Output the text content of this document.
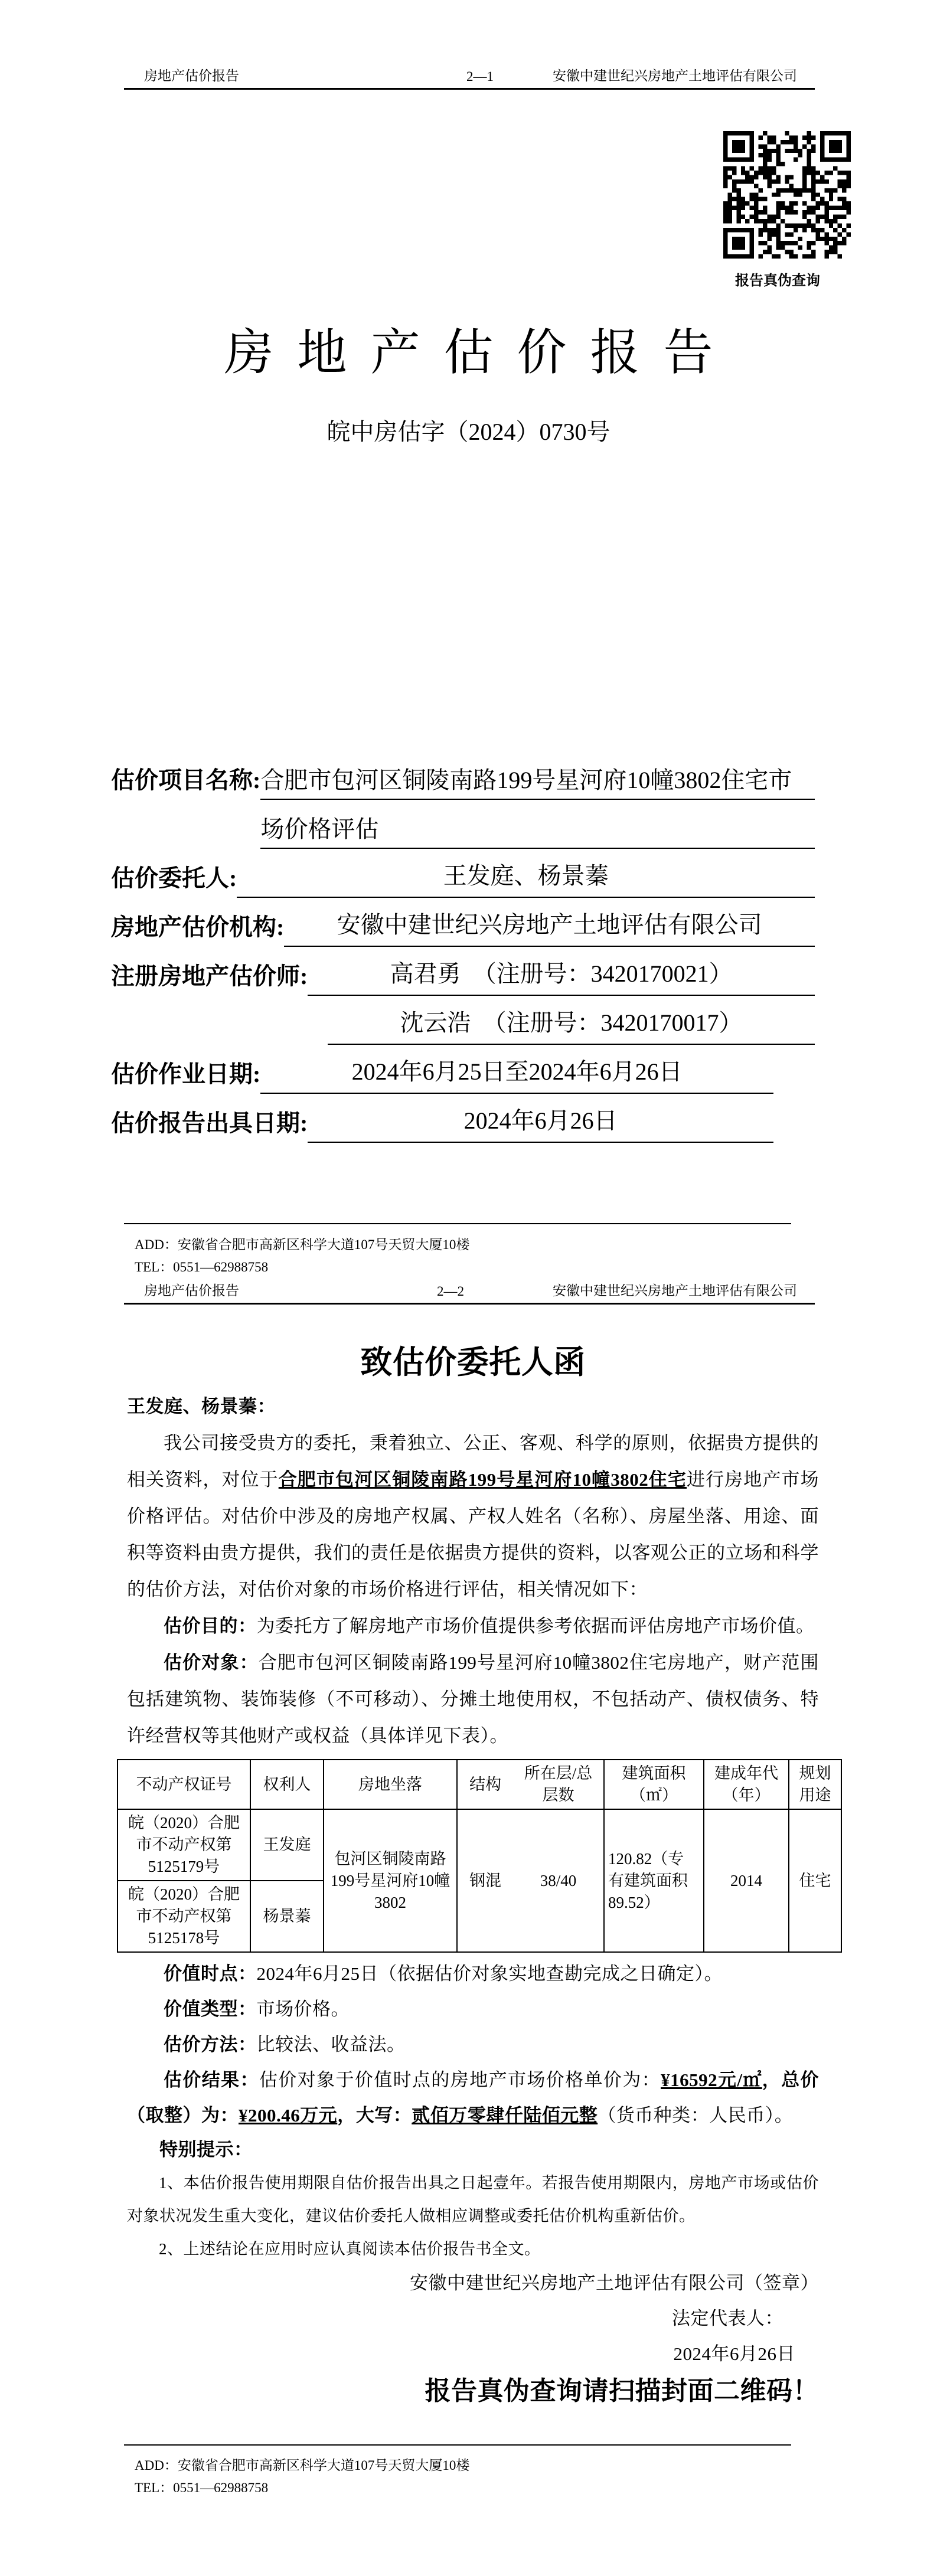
房地产估价报告	2—1	安徽中建世纪兴房地产土地评估有限公司
报告真伪查询
房地产估价报告
皖中房估字（2024）0730号
估价项目名称: 合肥市包河区铜陵南路199号星河府10幢3802住宅市场价格评估
估价委托人:	王发庭、杨景蓁
房地产估价机构:	安徽中建世纪兴房地产土地评估有限公司
注册房地产估价师:	高君勇　（注册号：3420170021）
沈云浩　（注册号：3420170017）
估价作业日期:	2024年6月25日至2024年6月26日
估价报告出具日期:	2024年6月26日
ADD：安徽省合肥市高新区科学大道107号天贸大厦10楼
TEL：0551—62988758
房地产估价报告	2—2	安徽中建世纪兴房地产土地评估有限公司
致估价委托人函
王发庭、杨景蓁：

我公司接受贵方的委托，秉着独立、公正、客观、科学的原则，依据贵方提供的相关资料，对位于合肥市包河区铜陵南路199号星河府10幢3802住宅进行房地产市场价格评估。对估价中涉及的房地产权属、产权人姓名（名称）、房屋坐落、用途、面积等资料由贵方提供，我们的责任是依据贵方提供的资料，以客观公正的立场和科学的估价方法，对估价对象的市场价格进行评估，相关情况如下：

估价目的：为委托方了解房地产市场价值提供参考依据而评估房地产市场价值。

估价对象：合肥市包河区铜陵南路199号星河府10幢3802住宅房地产，财产范围包括建筑物、装饰装修（不可移动）、分摊土地使用权，不包括动产、债权债务、特许经营权等其他财产或权益（具体详见下表）。

不动产权证号	权利人	房地坐落	结构	所在层/总层数	建筑面积（㎡）	建成年代（年）	规划用途
皖（2020）合肥市不动产权第5125179号	王发庭	包河区铜陵南路199号星河府10幢3802	钢混	38/40	120.82（专有建筑面积89.52）	2014	住宅
皖（2020）合肥市不动产权第5125178号	杨景蓁						

价值时点：2024年6月25日（依据估价对象实地查勘完成之日确定）。

价值类型：市场价格。

估价方法：比较法、收益法。

估价结果：估价对象于价值时点的房地产市场价格单价为：¥16592元/㎡，总价（取整）为：¥200.46万元，大写：贰佰万零肆仟陆佰元整（货币种类：人民币）。

特别提示：

1、本估价报告使用期限自估价报告出具之日起壹年。若报告使用期限内，房地产市场或估价对象状况发生重大变化，建议估价委托人做相应调整或委托估价机构重新估价。

2、上述结论在应用时应认真阅读本估价报告书全文。

安徽中建世纪兴房地产土地评估有限公司（签章）
法定代表人：
2024年6月26日
报告真伪查询请扫描封面二维码！
ADD：安徽省合肥市高新区科学大道107号天贸大厦10楼
TEL：0551—62988758
